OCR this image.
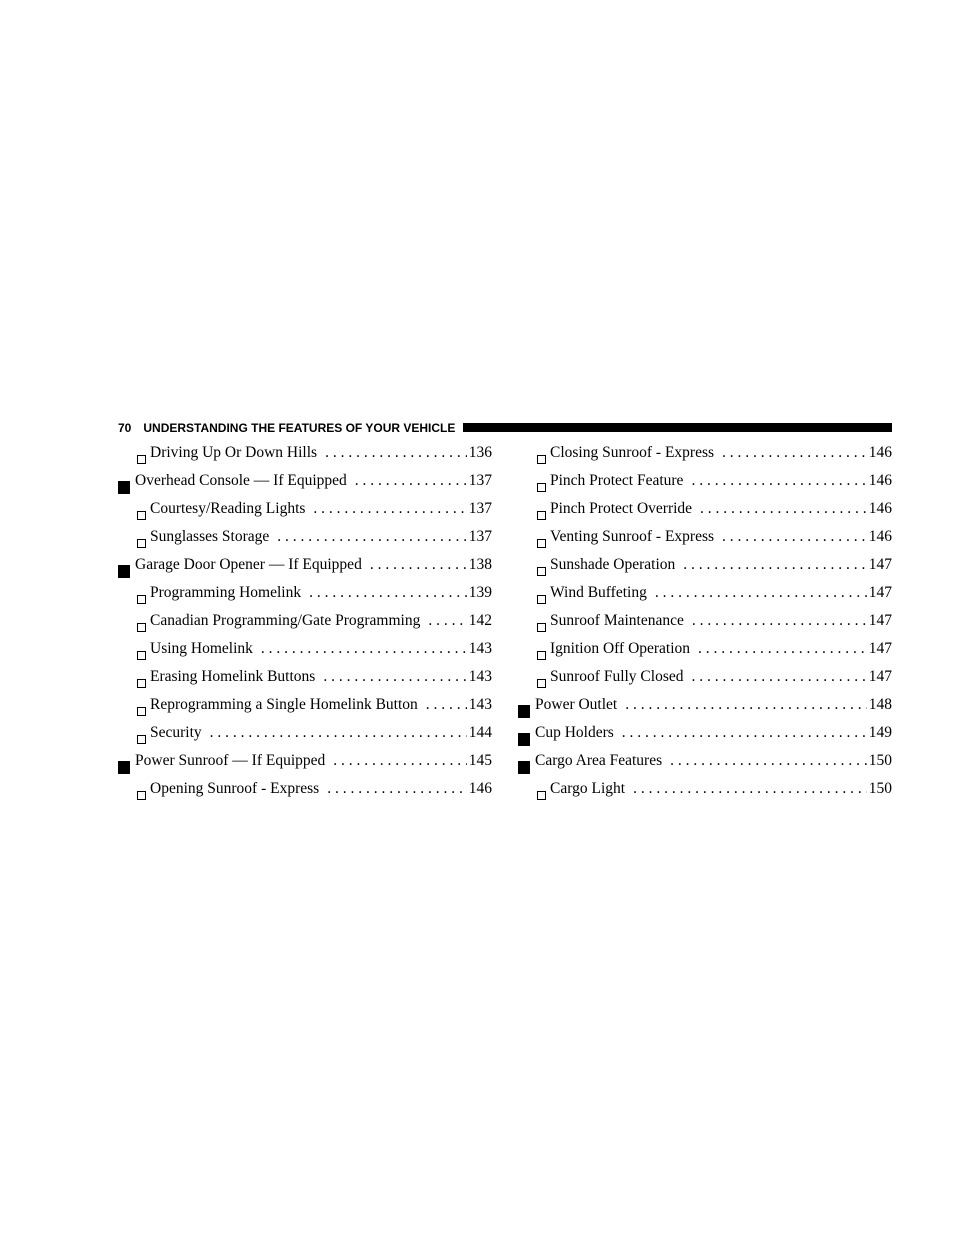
70 UNDERSTANDING THE FEATURES OF YOUR VEHICLE
Driving Up Or Down Hills . . .	136
Overhead Console — If Equipped . . .	137
Courtesy/Reading Lights . . .	137
Sunglasses Storage . . .	137
Garage Door Opener — If Equipped . . .	138
Programming Homelink . . .	139
Canadian Programming/Gate Programming . . .	142
Using Homelink . . .	143
Erasing Homelink Buttons . . .	143
Reprogramming a Single Homelink Button . . .	143
Security . . .	144
Power Sunroof — If Equipped . . .	145
Opening Sunroof - Express . . .	146
Closing Sunroof - Express . . .	146
Pinch Protect Feature . . .	146
Pinch Protect Override . . .	146
Venting Sunroof - Express . . .	146
Sunshade Operation . . .	147
Wind Buffeting . . .	147
Sunroof Maintenance . . .	147
Ignition Off Operation . . .	147
Sunroof Fully Closed . . .	147
Power Outlet . . .	148
Cup Holders . . .	149
Cargo Area Features . . .	150
Cargo Light . . .	150
